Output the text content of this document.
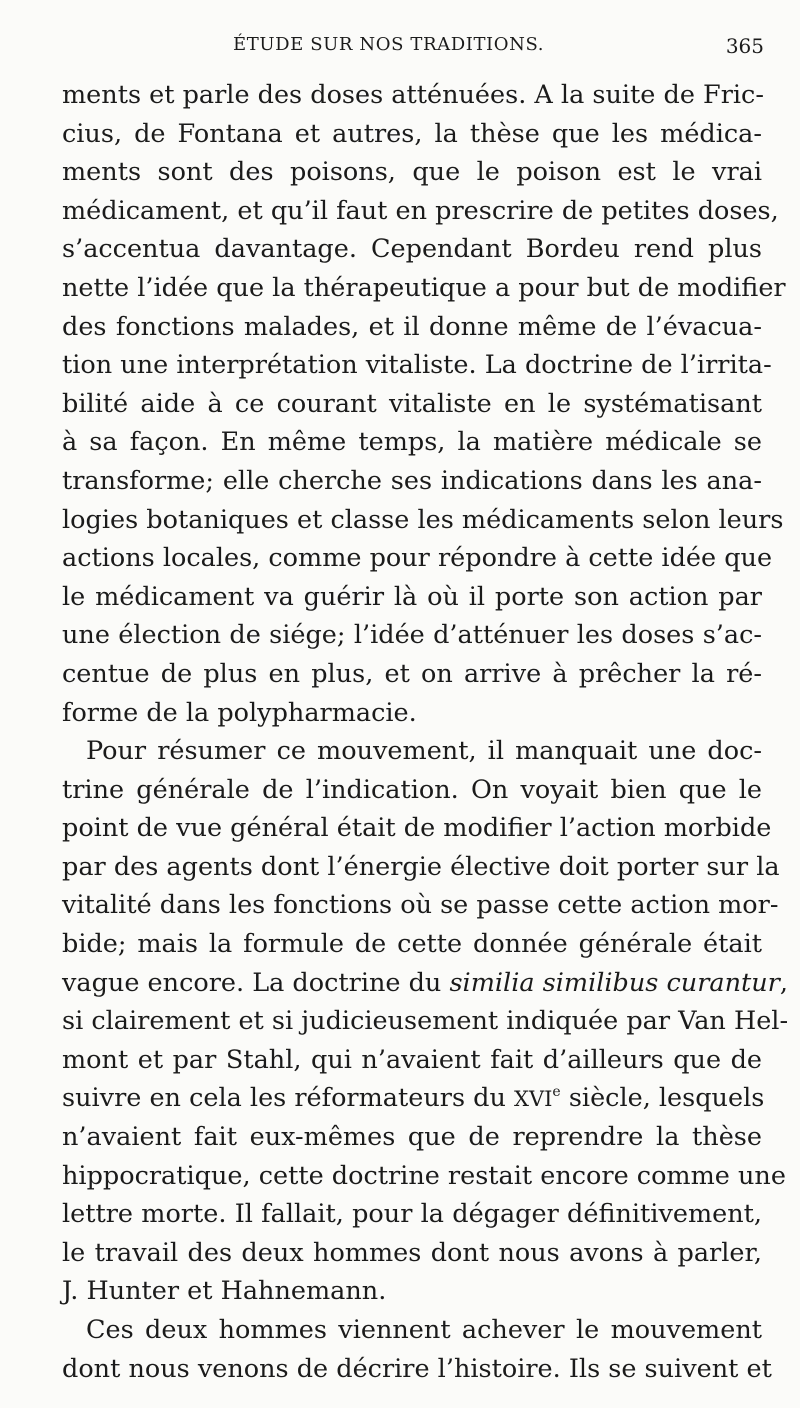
ÉTUDE SUR NOS TRADITIONS.	365
ments et parle des doses atténuées. A la suite de Fric-
cius, de Fontana et autres, la thèse que les médica-
ments sont des poisons, que le poison est le vrai
médicament, et qu’il faut en prescrire de petites doses,
s’accentua davantage. Cependant Bordeu rend plus
nette l’idée que la thérapeutique a pour but de modifier
des fonctions malades, et il donne même de l’évacua-
tion une interprétation vitaliste. La doctrine de l’irrita-
bilité aide à ce courant vitaliste en le systématisant
à sa façon. En même temps, la matière médicale se
transforme; elle cherche ses indications dans les ana-
logies botaniques et classe les médicaments selon leurs
actions locales, comme pour répondre à cette idée que
le médicament va guérir là où il porte son action par
une élection de siége; l’idée d’atténuer les doses s’ac-
centue de plus en plus, et on arrive à prêcher la ré-
forme de la polypharmacie.
Pour résumer ce mouvement, il manquait une doc-
trine générale de l’indication. On voyait bien que le
point de vue général était de modifier l’action morbide
par des agents dont l’énergie élective doit porter sur la
vitalité dans les fonctions où se passe cette action mor-
bide; mais la formule de cette donnée générale était
vague encore. La doctrine du similia similibus curantur,
si clairement et si judicieusement indiquée par Van Hel-
mont et par Stahl, qui n’avaient fait d’ailleurs que de
suivre en cela les réformateurs du XVIe siècle, lesquels
n’avaient fait eux-mêmes que de reprendre la thèse
hippocratique, cette doctrine restait encore comme une
lettre morte. Il fallait, pour la dégager définitivement,
le travail des deux hommes dont nous avons à parler,
J. Hunter et Hahnemann.
Ces deux hommes viennent achever le mouvement
dont nous venons de décrire l’histoire. Ils se suivent et
